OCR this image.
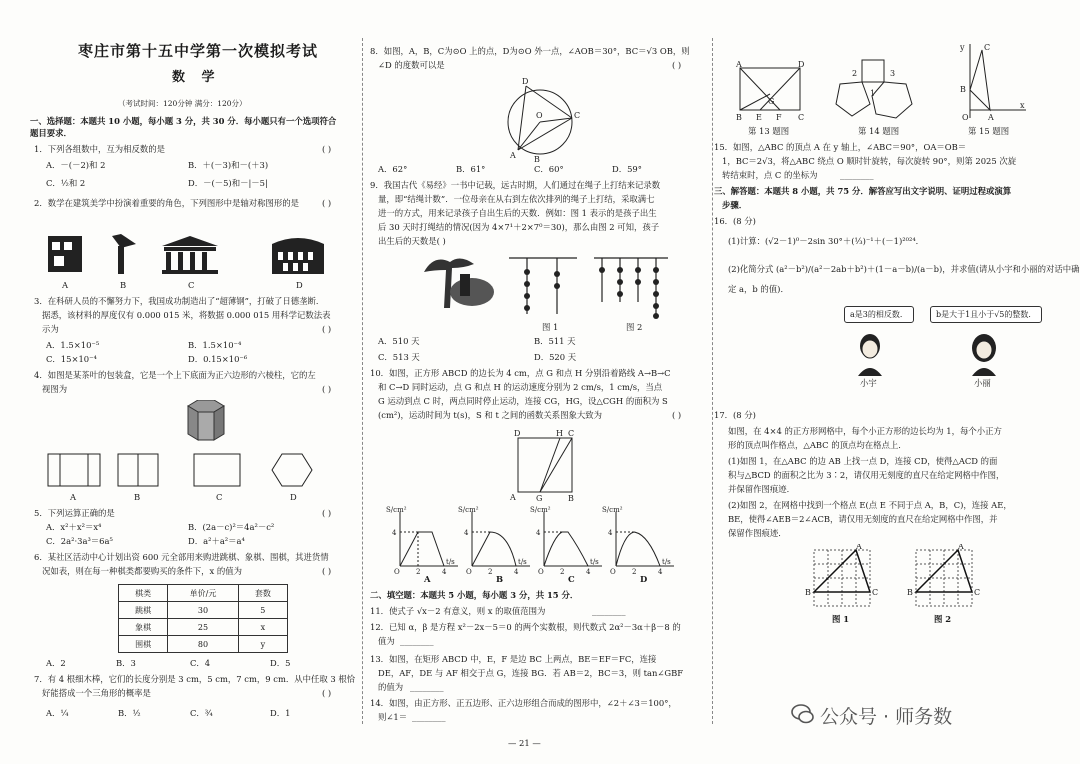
枣庄市第十五中学第一次模拟考试
数 学
（考试时间：120分钟 满分：120分）
一、选择题：本题共 10 小题，每小题 3 分，共 30 分．每小题只有一个选项符合
题目要求．
1．下列各组数中，互为相反数的是	( )
A．－(－2)和 2	B．＋(－3)和－(＋3)
C．½和 2	D．－(－5)和－|－5|
2．数学在建筑美学中扮演着重要的角色，下列图形中是轴对称图形的是	( )
A	B	C	D
3．在科研人员的不懈努力下，我国成功制造出了“超薄钢”，打破了日德垄断．
据悉，该材料的厚度仅有 0.000 015 米，将数据 0.000 015 用科学记数法表
示为	( )
A．1.5×10⁻⁵	B．1.5×10⁻⁴
C．15×10⁻⁴	D．0.15×10⁻⁶
4．如图是某茶叶的包装盒，它是一个上下底面为正六边形的六棱柱，它的左
视图为	( )
A	B	C	D
5．下列运算正确的是	( )
A．x²＋x²＝x⁴	B．(2a－c)²＝4a²－c²
C．2a²·3a³＝6a⁵	D．a²＋a²＝a⁴
6．某社区活动中心计划出资 600 元全部用来购进跳棋、象棋、围棋，其进货情
况如表，则在每一种棋类都要购买的条件下，x 的值为	( )
棋类	单价/元	套数
跳棋	30	5
象棋	25	x
围棋	80	y
A．2	B．3	C．4	D．5
7．有 4 根细木棒，它们的长度分别是 3 cm，5 cm，7 cm，9 cm．从中任取 3 根恰
好能搭成一个三角形的概率是	( )
A．¼	B．½	C．¾	D．1
8．如图，A，B，C为⊙O 上的点，D为⊙O 外一点，∠AOB＝30°，BC＝√3 OB，则
∠D 的度数可以是	( )
D
O	C
A B
A．62°	B．61°	C．60°	D．59°
9．我国古代《易经》一书中记载，远古时期，人们通过在绳子上打结来记录数
量，即“结绳计数”．一位母亲在从右到左依次排列的绳子上打结，采取满七
进一的方式，用来记录孩子自出生后的天数．例如：图 1 表示的是孩子出生
后 30 天时打绳结的情况(因为 4×7¹＋2×7⁰＝30)，那么由图 2 可知，孩子
出生后的天数是( )
图 1	图 2
A．510 天	B．511 天
C．513 天	D．520 天
10．如图，正方形 ABCD 的边长为 4 cm，点 G 和点 H 分别沿着路线 A→B→C
和 C→D 同时运动，点 G 和点 H 的运动速度分别为 2 cm/s，1 cm/s，当点
G 运动到点 C 时，两点同时停止运动，连接 CG，HG，设△CGH 的面积为 S
(cm²)，运动时间为 t(s)，S 和 t 之间的函数关系图象大致为	( )
D	H C
A	G	B
S/cm²
t/s
4
O 2	4
S/cm²
t/s
4
O 2	4
S/cm²
t/s
4
O 2	4
S/cm²
t/s
4
O 2	4
A	B	C	D
二、填空题：本题共 5 小题，每小题 3 分，共 15 分．
11．使式子 √x－2 有意义，则 x 的取值范围为	________
12．已知 α，β 是方程 x²－2x－5＝0 的两个实数根，则代数式 2α²－3α＋β－8 的
值为 ________
13．如图，在矩形 ABCD 中，E，F 是边 BC 上两点，BE＝EF＝FC，连接
DE，AF，DE 与 AF 相交于点 G，连接 BG．若 AB＝2，BC＝3，则 tan∠GBF
的值为 ________
14．如图，由正方形、正五边形、正六边形组合而成的图形中，∠2＋∠3＝100°，
则∠1＝ ________
— 21 —
A	D
B E F C
G
2	3
1
y
x
C
B
O A
第 13 题图	第 14 题图	第 15 题图
15．如图，△ABC 的顶点 A 在 y 轴上，∠ABC＝90°，OA＝OB＝
1，BC＝2√3，将△ABC 绕点 O 顺时针旋转，每次旋转 90°，则第 2025 次旋
转结束时，点 C 的坐标为	________
三、解答题：本题共 8 小题，共 75 分．解答应写出文字说明、证明过程或演算
步骤．
16．(8 分)
(1)计算：(√2－1)⁰－2sin 30°＋(⅓)⁻¹＋(－1)²⁰²⁴．
(2)化简分式 (a²－b²)/(a²－2ab＋b²)＋(1－a－b)/(a－b)，并求值(请从小宇和小丽的对话中确
定 a，b 的值)．
a是3的相反数．	b是大于1且小于√5的整数．
小宇	小丽
17．(8 分)
如图，在 4×4 的正方形网格中，每个小正方形的边长均为 1，每个小正方
形的顶点叫作格点，△ABC 的顶点均在格点上．
(1)如图 1，在△ABC 的边 AB 上找一点 D，连接 CD，使得△ACD 的面
积与△BCD 的面积之比为 3∶2，请仅用无刻度的直尺在给定网格中作图，
并保留作图痕迹．
(2)如图 2，在网格中找到一个格点 E(点 E 不同于点 A，B，C)，连接 AE，
BE，使得∠AEB＝2∠ACB，请仅用无刻度的直尺在给定网格中作图，并
保留作图痕迹．
A
B	C
A
B	C
图 1	图 2
公众号 · 师务数
